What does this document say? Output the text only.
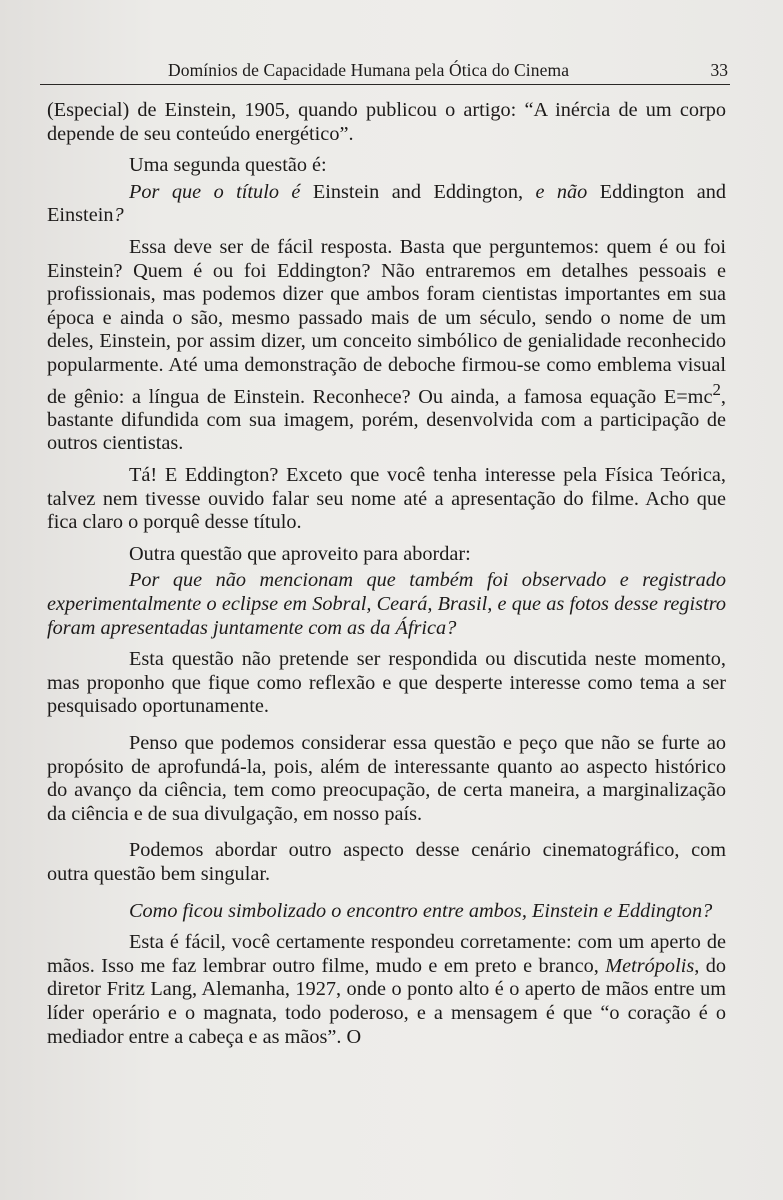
Domínios de Capacidade Humana pela Ótica do Cinema	33

(Especial) de Einstein, 1905, quando publicou o artigo: “A inércia de um corpo depende de seu conteúdo energético”.

Uma segunda questão é:

Por que o título é Einstein and Eddington, e não Eddington and Einstein?

Essa deve ser de fácil resposta. Basta que perguntemos: quem é ou foi Einstein? Quem é ou foi Eddington? Não entraremos em detalhes pessoais e profissionais, mas podemos dizer que ambos foram cientistas importantes em sua época e ainda o são, mesmo passado mais de um século, sendo o nome de um deles, Einstein, por assim dizer, um conceito simbólico de genialidade reconhecido popularmente. Até uma demonstração de deboche firmou-se como emblema visual de gênio: a língua de Einstein. Reconhece? Ou ainda, a famosa equação $E=mc^2$, bastante difundida com sua imagem, porém, desenvolvida com a participação de outros cientistas.

Tá! E Eddington? Exceto que você tenha interesse pela Física Teórica, talvez nem tivesse ouvido falar seu nome até a apresentação do filme. Acho que fica claro o porquê desse título.

Outra questão que aproveito para abordar:

Por que não mencionam que também foi observado e registrado experimentalmente o eclipse em Sobral, Ceará, Brasil, e que as fotos desse registro foram apresentadas juntamente com as da África?

Esta questão não pretende ser respondida ou discutida neste momento, mas proponho que fique como reflexão e que desperte interesse como tema a ser pesquisado oportunamente.

Penso que podemos considerar essa questão e peço que não se furte ao propósito de aprofundá-la, pois, além de interessante quanto ao aspecto histórico do avanço da ciência, tem como preocupação, de certa maneira, a marginalização da ciência e de sua divulgação, em nosso país.

Podemos abordar outro aspecto desse cenário cinematográfico, com outra questão bem singular.

Como ficou simbolizado o encontro entre ambos, Einstein e Eddington?

Esta é fácil, você certamente respondeu corretamente: com um aperto de mãos. Isso me faz lembrar outro filme, mudo e em preto e branco, Metrópolis, do diretor Fritz Lang, Alemanha, 1927, onde o ponto alto é o aperto de mãos entre um líder operário e o magnata, todo poderoso, e a mensagem é que “o coração é o mediador entre a cabeça e as mãos”. O
